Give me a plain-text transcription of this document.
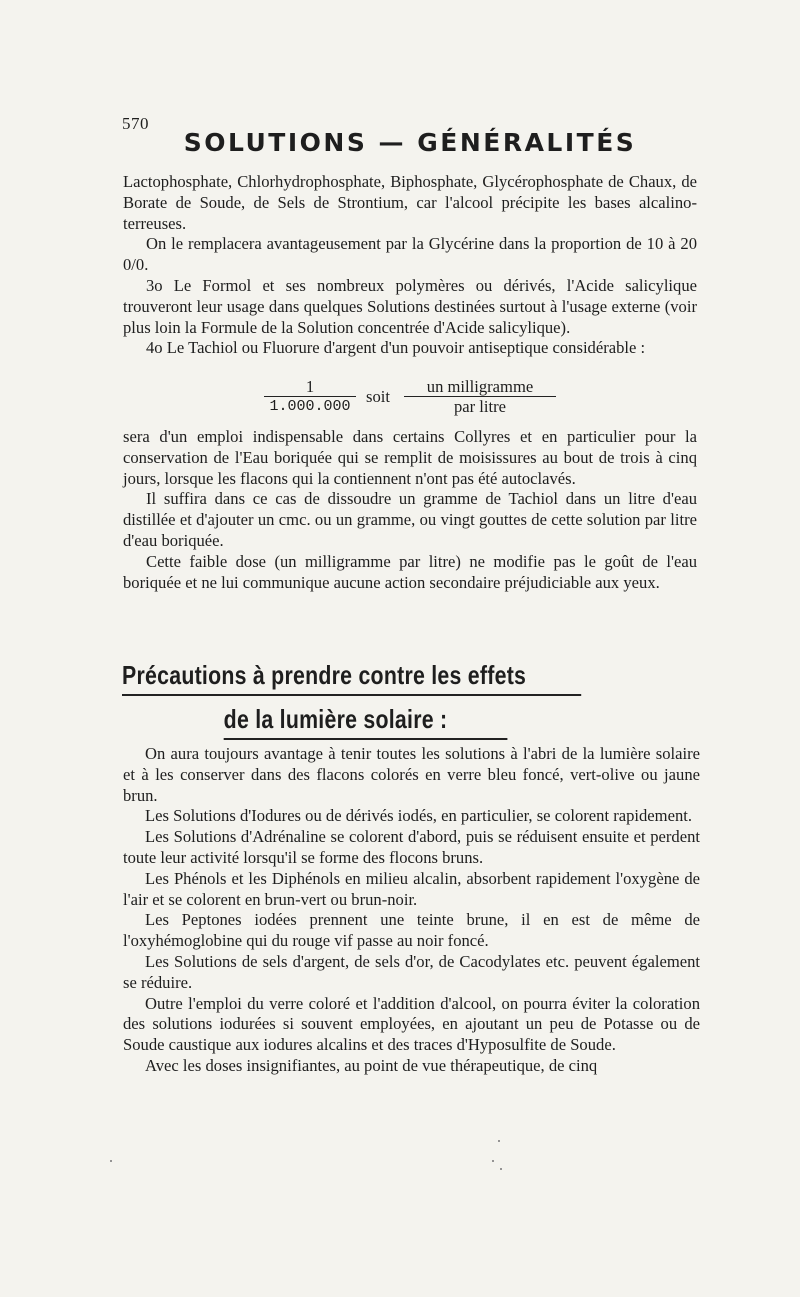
570
SOLUTIONS — GÉNÉRALITÉS

Lactophosphate, Chlorhydrophosphate, Biphosphate, Glycérophosphate de Chaux, de Borate de Soude, de Sels de Strontium, car l'alcool précipite les bases alcalino-terreuses.

On le remplacera avantageusement par la Glycérine dans la proportion de 10 à 20 0/0.

3o Le Formol et ses nombreux polymères ou dérivés, l'Acide salicylique trouveront leur usage dans quelques Solutions destinées surtout à l'usage externe (voir plus loin la Formule de la Solution concentrée d'Acide salicylique).

4o Le Tachiol ou Fluorure d'argent d'un pouvoir antiseptique considérable :

1
1.000.000
soit
un milligramme
par litre

sera d'un emploi indispensable dans certains Collyres et en particulier pour la conservation de l'Eau boriquée qui se remplit de moisissures au bout de trois à cinq jours, lorsque les flacons qui la contiennent n'ont pas été autoclavés.

Il suffira dans ce cas de dissoudre un gramme de Tachiol dans un litre d'eau distillée et d'ajouter un cmc. ou un gramme, ou vingt gouttes de cette solution par litre d'eau boriquée.

Cette faible dose (un milligramme par litre) ne modifie pas le goût de l'eau boriquée et ne lui communique aucune action secondaire préjudiciable aux yeux.

Précautions à prendre contre les effets
de la lumière solaire :

On aura toujours avantage à tenir toutes les solutions à l'abri de la lumière solaire et à les conserver dans des flacons colorés en verre bleu foncé, vert-olive ou jaune brun.

Les Solutions d'Iodures ou de dérivés iodés, en particulier, se colorent rapidement.

Les Solutions d'Adrénaline se colorent d'abord, puis se réduisent ensuite et perdent toute leur activité lorsqu'il se forme des flocons bruns.

Les Phénols et les Diphénols en milieu alcalin, absorbent rapidement l'oxygène de l'air et se colorent en brun-vert ou brun-noir.

Les Peptones iodées prennent une teinte brune, il en est de même de l'oxyhémoglobine qui du rouge vif passe au noir foncé.

Les Solutions de sels d'argent, de sels d'or, de Cacodylates etc. peuvent également se réduire.

Outre l'emploi du verre coloré et l'addition d'alcool, on pourra éviter la coloration des solutions iodurées si souvent employées, en ajoutant un peu de Potasse ou de Soude caustique aux iodures alcalins et des traces d'Hyposulfite de Soude.

Avec les doses insignifiantes, au point de vue thérapeutique, de cinq
